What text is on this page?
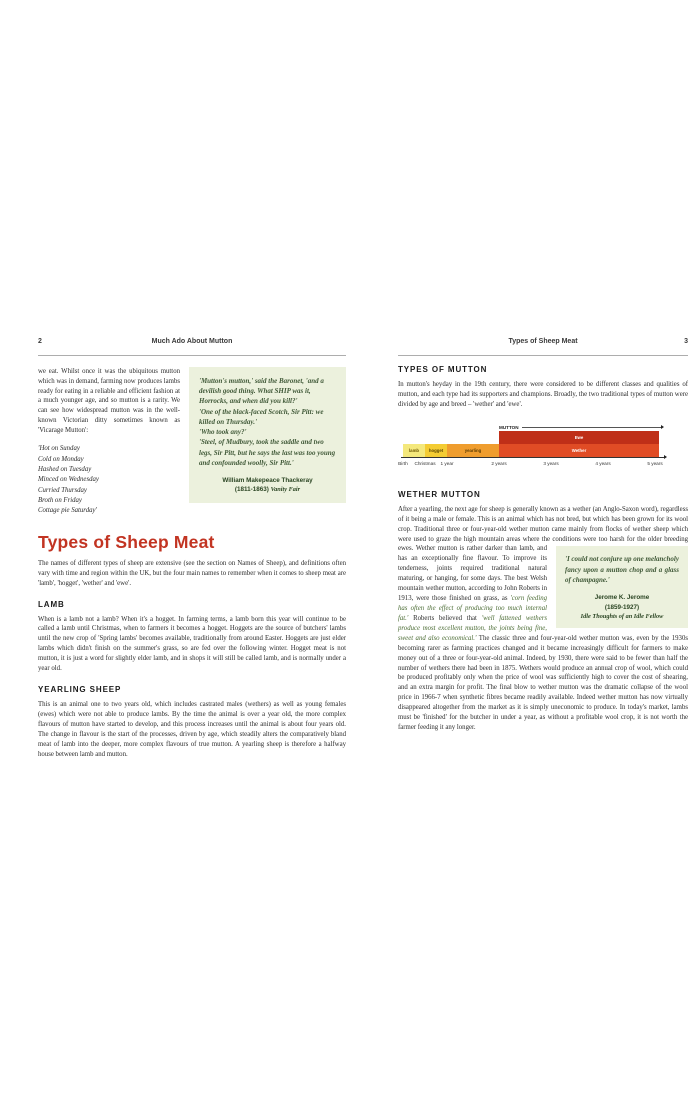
2	Much Ado About Mutton
we eat. Whilst once it was the ubiquitous mutton which was in demand, farming now produces lambs ready for eating in a reliable and efficient fashion at a much younger age, and so mutton is a rarity. We can see how widespread mutton was in the well-known Victorian ditty sometimes known as 'Vicarage Mutton':
'Hot on Sunday
Cold on Monday
Hashed on Tuesday
Minced on Wednesday
Curried Thursday
Broth on Friday
Cottage pie Saturday'
'Mutton's mutton,' said the Baronet, 'and a devilish good thing. What SHIP was it, Horrocks, and when did you kill?'
'One of the black-faced Scotch, Sir Pitt: we killed on Thursday.'
'Who took any?'
'Steel, of Mudbury, took the saddle and two legs, Sir Pitt, but he says the last was too young and confounded woolly, Sir Pitt.'
William Makepeace Thackeray
(1811-1863) Vanity Fair
Types of Sheep Meat
The names of different types of sheep are extensive (see the section on Names of Sheep), and definitions often vary with time and region within the UK, but the four main names to remember when it comes to sheep meat are 'lamb', 'hogget', 'wether' and 'ewe'.
LAMB
When is a lamb not a lamb? When it's a hogget. In farming terms, a lamb born this year will continue to be called a lamb until Christmas, when to farmers it becomes a hogget. Hoggets are the source of butchers' lambs until the new crop of 'Spring lambs' becomes available, traditionally from around Easter. Hoggets are just elder lambs which didn't finish on the summer's grass, so are fed over the following winter. Hogget meat is not mutton, it is just a word for slightly elder lamb, and in shops it will still be called lamb, and is normally under a year old.
YEARLING SHEEP
This is an animal one to two years old, which includes castrated males (wethers) as well as young females (ewes) which were not able to produce lambs. By the time the animal is over a year old, the more complex flavours of mutton have started to develop, and this process increases until the animal is about four years old. The change in flavour is the start of the processes, driven by age, which steadily alters the comparatively bland meat of lamb into the deeper, more complex flavours of true mutton. A yearling sheep is therefore a halfway house between lamb and mutton.
Types of Sheep Meat	3
TYPES OF MUTTON
In mutton's heyday in the 19th century, there were considered to be different classes and qualities of mutton, and each type had its supporters and champions. Broadly, the two traditional types of mutton were divided by age and breed – 'wether' and 'ewe'.
MUTTON
lamb	hogget	yearling
Ewe
Wether
Birth Christmas 1 year	2 years	3 years	4 years	5 years
WETHER MUTTON
After a yearling, the next age for sheep is generally known as a wether (an Anglo-Saxon word), regardless of it being a male or female. This is an animal which has not bred, but which has been grown for its wool crop. Traditional three or four-year-old wether mutton came mainly from flocks of wether sheep which were used to graze the high mountain areas where the conditions were too harsh for the older breeding ewes.
'I could not conjure up one melancholy fancy upon a mutton chop and a glass of champagne.'
Jerome K. Jerome
(1859-1927)
Idle Thoughts of an Idle Fellow
Wether mutton is rather darker than lamb, and has an exceptionally fine flavour. To improve its tenderness, joints required traditional natural maturing, or hanging, for some days. The best Welsh mountain wether mutton, according to John Roberts in 1913, were those finished on grass, as 'corn feeding has often the effect of producing too much internal fat.' Roberts believed that 'well fattened wethers produce most excellent mutton, the joints being fine, sweet and also economical.' The classic three and four-year-old wether mutton was, even by the 1930s becoming rarer as farming practices changed and it became increasingly difficult for farmers to make money out of a three or four-year-old animal. Indeed, by 1930, there were said to be fewer than half the number of wethers there had been in 1875. Wethers would produce an annual crop of wool, which could be produced profitably only when the price of wool was sufficiently high to cover the cost of shearing, and an extra margin for profit. The final blow to wether mutton was the dramatic collapse of the wool price in 1966-7 when synthetic fibres became readily available. Indeed wether mutton has now virtually disappeared altogether from the market as it is simply uneconomic to produce. In today's market, lambs must be 'finished' for the butcher in under a year, as without a profitable wool crop, it is not worth the farmer feeding it any longer.
